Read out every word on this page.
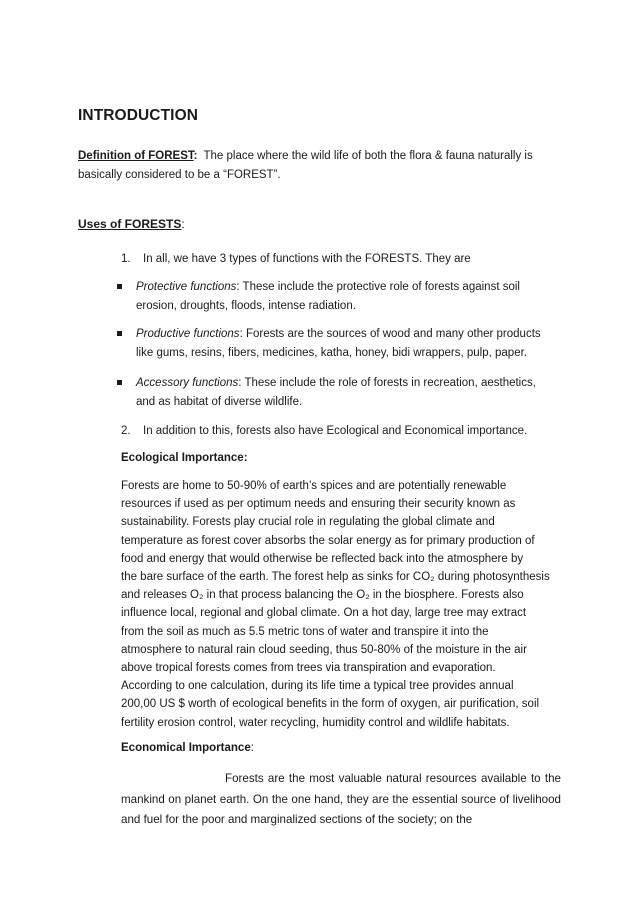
INTRODUCTION
Definition of FOREST: The place where the wild life of both the flora & fauna naturally is basically considered to be a “FOREST”.
Uses of FORESTS:
1. In all, we have 3 types of functions with the FORESTS. They are
Protective functions: These include the protective role of forests against soil erosion, droughts, floods, intense radiation.
Productive functions: Forests are the sources of wood and many other products like gums, resins, fibers, medicines, katha, honey, bidi wrappers, pulp, paper.
Accessory functions: These include the role of forests in recreation, aesthetics, and as habitat of diverse wildlife.
2. In addition to this, forests also have Ecological and Economical importance.
Ecological Importance:
Forests are home to 50-90% of earth’s spices and are potentially renewable
resources if used as per optimum needs and ensuring their security known as
sustainability. Forests play crucial role in regulating the global climate and
temperature as forest cover absorbs the solar energy as for primary production of
food and energy that would otherwise be reflected back into the atmosphere by
the bare surface of the earth. The forest help as sinks for CO₂ during photosynthesis
and releases O₂ in that process balancing the O₂ in the biosphere. Forests also
influence local, regional and global climate. On a hot day, large tree may extract
from the soil as much as 5.5 metric tons of water and transpire it into the
atmosphere to natural rain cloud seeding, thus 50-80% of the moisture in the air
above tropical forests comes from trees via transpiration and evaporation.
According to one calculation, during its life time a typical tree provides annual
200,00 US $ worth of ecological benefits in the form of oxygen, air purification, soil
fertility erosion control, water recycling, humidity control and wildlife habitats.
Economical Importance:
Forests are the most valuable natural resources available to the mankind on planet earth. On the one hand, they are the essential source of livelihood and fuel for the poor and marginalized sections of the society; on the
